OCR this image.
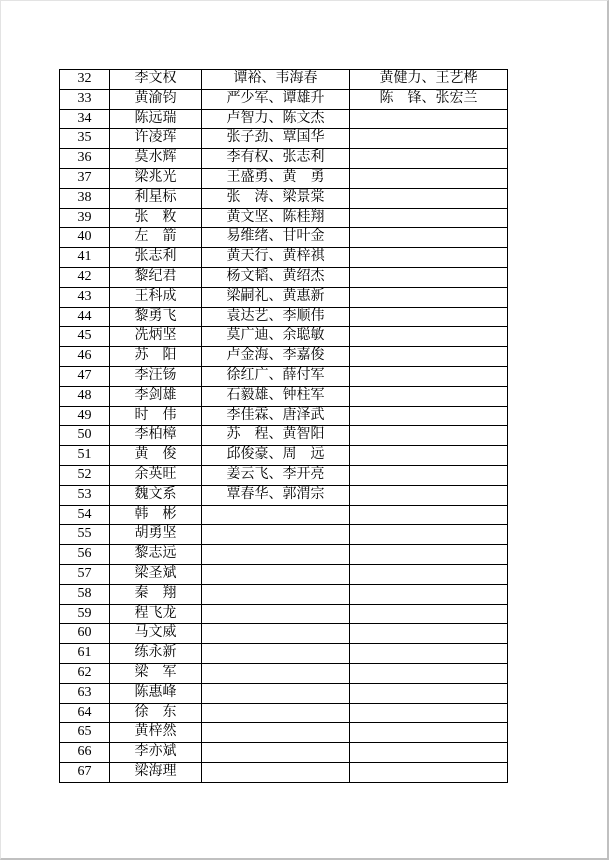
32	李文权	谭裕、韦海春	黄健力、王艺桦
33	黄渝钧	严少军、谭雄升	陈　锋、张宏兰
34	陈远瑞	卢智力、陈文杰	
35	许凌珲	张子劲、覃国华	
36	莫水辉	李有权、张志利	
37	梁兆光	王盛勇、黄　勇	
38	利星标	张　涛、梁景棠	
39	张　敉	黄文坚、陈桂翔	
40	左　箭	易维绪、甘叶金	
41	张志利	黄天行、黄梓祺	
42	黎纪君	杨文韬、黄绍杰	
43	王科成	梁嗣礼、黄惠新	
44	黎勇飞	袁达艺、李顺伟	
45	冼炳坚	莫广迪、余聪敏	
46	苏　阳	卢金海、李嘉俊	
47	李汪钖	徐红广、薛付军	
48	李剑雄	石毅雄、钟柱军	
49	时　伟	李佳霖、唐泽武	
50	李柏樟	苏　程、黄智阳	
51	黄　俊	邱俊豪、周　远	
52	余英旺	姜云飞、李开亮	
53	魏文系	覃春华、郭渭宗	
54	韩　彬		
55	胡勇坚		
56	黎志远		
57	梁圣斌		
58	秦　翔		
59	程飞龙		
60	马文威		
61	练永新		
62	梁　军		
63	陈惠峰		
64	徐　东		
65	黄梓然		
66	李亦斌		
67	梁海理		
